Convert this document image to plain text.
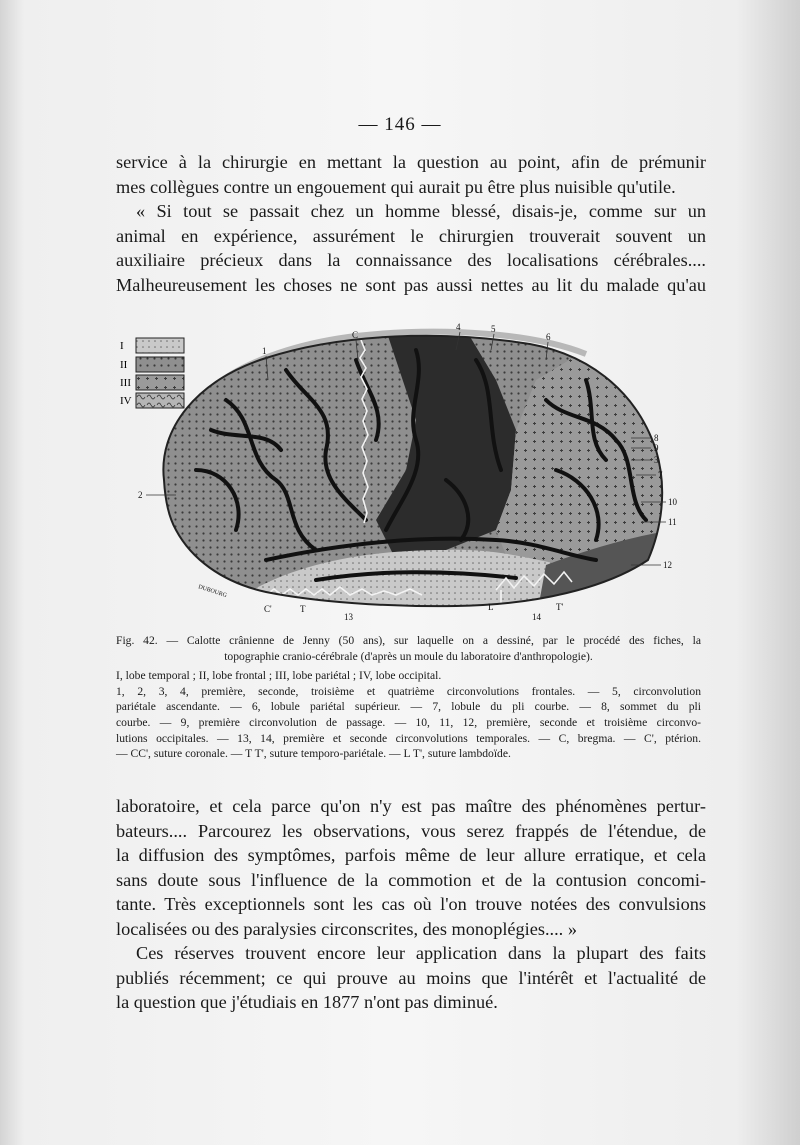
— 146 —
service à la chirurgie en mettant la question au point, afin de prémunir
mes collègues contre un engouement qui aurait pu être plus nuisible qu'utile.
« Si tout se passait chez un homme blessé, disais-je, comme sur un
animal en expérience, assurément le chirurgien trouverait souvent un
auxiliaire précieux dans la connaissance des localisations cérébrales....
Malheureusement les choses ne sont pas aussi nettes au lit du malade qu'au
I
II
III
IV
1
C
4	5
6
8
9
3
7
10
11
12
2
C'	T
13	14
L	T'
DUBOURG
Fig. 42. — Calotte crânienne de Jenny (50 ans), sur laquelle on a dessiné, par le procédé des fiches, la
topographie cranio-cérébrale (d'après un moule du laboratoire d'anthropologie).
I, lobe temporal ; II, lobe frontal ; III, lobe pariétal ; IV, lobe occipital.
1, 2, 3, 4, première, seconde, troisième et quatrième circonvolutions frontales. — 5, circonvolution
pariétale ascendante. — 6, lobule pariétal supérieur. — 7, lobule du pli courbe. — 8, sommet du pli
courbe. — 9, première circonvolution de passage. — 10, 11, 12, première, seconde et troisième circonvo-
lutions occipitales. — 13, 14, première et seconde circonvolutions temporales. — C, bregma. — C', ptérion.
— CC', suture coronale. — T T', suture temporo-pariétale. — L T', suture lambdoïde.
laboratoire, et cela parce qu'on n'y est pas maître des phénomènes pertur-
bateurs.... Parcourez les observations, vous serez frappés de l'étendue, de
la diffusion des symptômes, parfois même de leur allure erratique, et cela
sans doute sous l'influence de la commotion et de la contusion concomi-
tante. Très exceptionnels sont les cas où l'on trouve notées des convulsions
localisées ou des paralysies circonscrites, des monoplégies.... »
Ces réserves trouvent encore leur application dans la plupart des faits
publiés récemment; ce qui prouve au moins que l'intérêt et l'actualité de
la question que j'étudiais en 1877 n'ont pas diminué.
